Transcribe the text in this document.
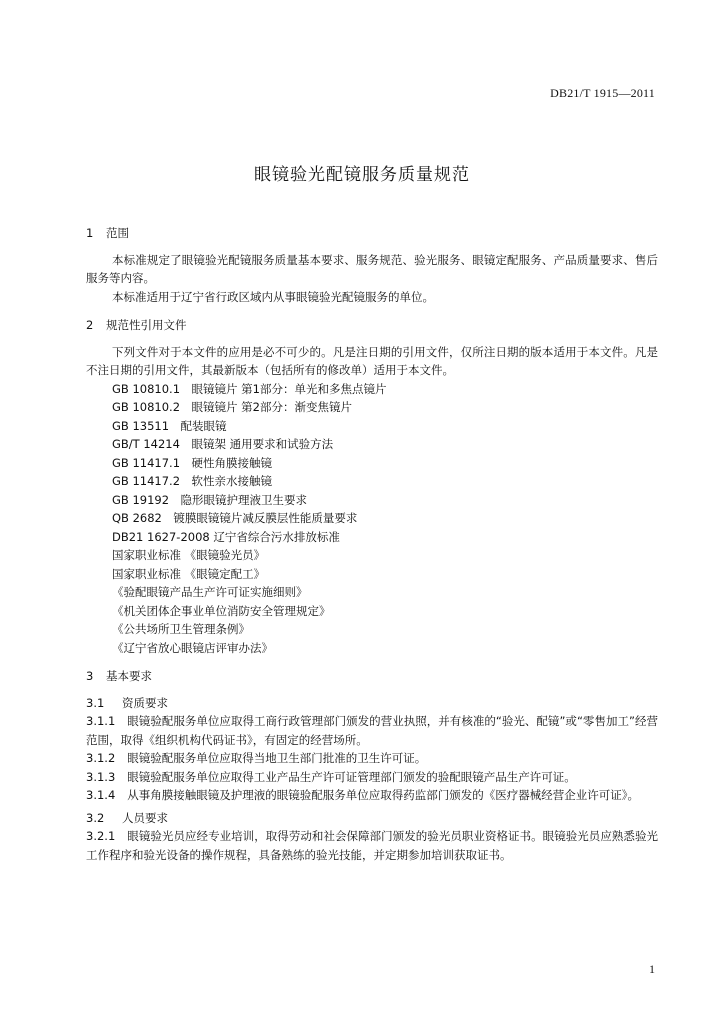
DB21/T 1915—2011
眼镜验光配镜服务质量规范
1 范围
本标准规定了眼镜验光配镜服务质量基本要求、服务规范、验光服务、眼镜定配服务、产品质量要求、售后服务等内容。
本标准适用于辽宁省行政区域内从事眼镜验光配镜服务的单位。
2 规范性引用文件
下列文件对于本文件的应用是必不可少的。凡是注日期的引用文件，仅所注日期的版本适用于本文件。凡是不注日期的引用文件，其最新版本（包括所有的修改单）适用于本文件。
GB 10810.1　眼镜镜片 第1部分：单光和多焦点镜片
GB 10810.2　眼镜镜片 第2部分：渐变焦镜片
GB 13511　配装眼镜
GB/T 14214　眼镜架 通用要求和试验方法
GB 11417.1　硬性角膜接触镜
GB 11417.2　软性亲水接触镜
GB 19192　隐形眼镜护理液卫生要求
QB 2682　镀膜眼镜镜片减反膜层性能质量要求
DB21 1627-2008 辽宁省综合污水排放标准
国家职业标准 《眼镜验光员》
国家职业标准 《眼镜定配工》
《验配眼镜产品生产许可证实施细则》
《机关团体企事业单位消防安全管理规定》
《公共场所卫生管理条例》
《辽宁省放心眼镜店评审办法》
3 基本要求
3.1 资质要求
3.1.1 眼镜验配服务单位应取得工商行政管理部门颁发的营业执照，并有核准的“验光、配镜”或“零售加工”经营范围，取得《组织机构代码证书》，有固定的经营场所。
3.1.2 眼镜验配服务单位应取得当地卫生部门批准的卫生许可证。
3.1.3 眼镜验配服务单位应取得工业产品生产许可证管理部门颁发的验配眼镜产品生产许可证。
3.1.4 从事角膜接触眼镜及护理液的眼镜验配服务单位应取得药监部门颁发的《医疗器械经营企业许可证》。
3.2 人员要求
3.2.1 眼镜验光员应经专业培训，取得劳动和社会保障部门颁发的验光员职业资格证书。眼镜验光员应熟悉验光工作程序和验光设备的操作规程，具备熟练的验光技能，并定期参加培训获取证书。
1
